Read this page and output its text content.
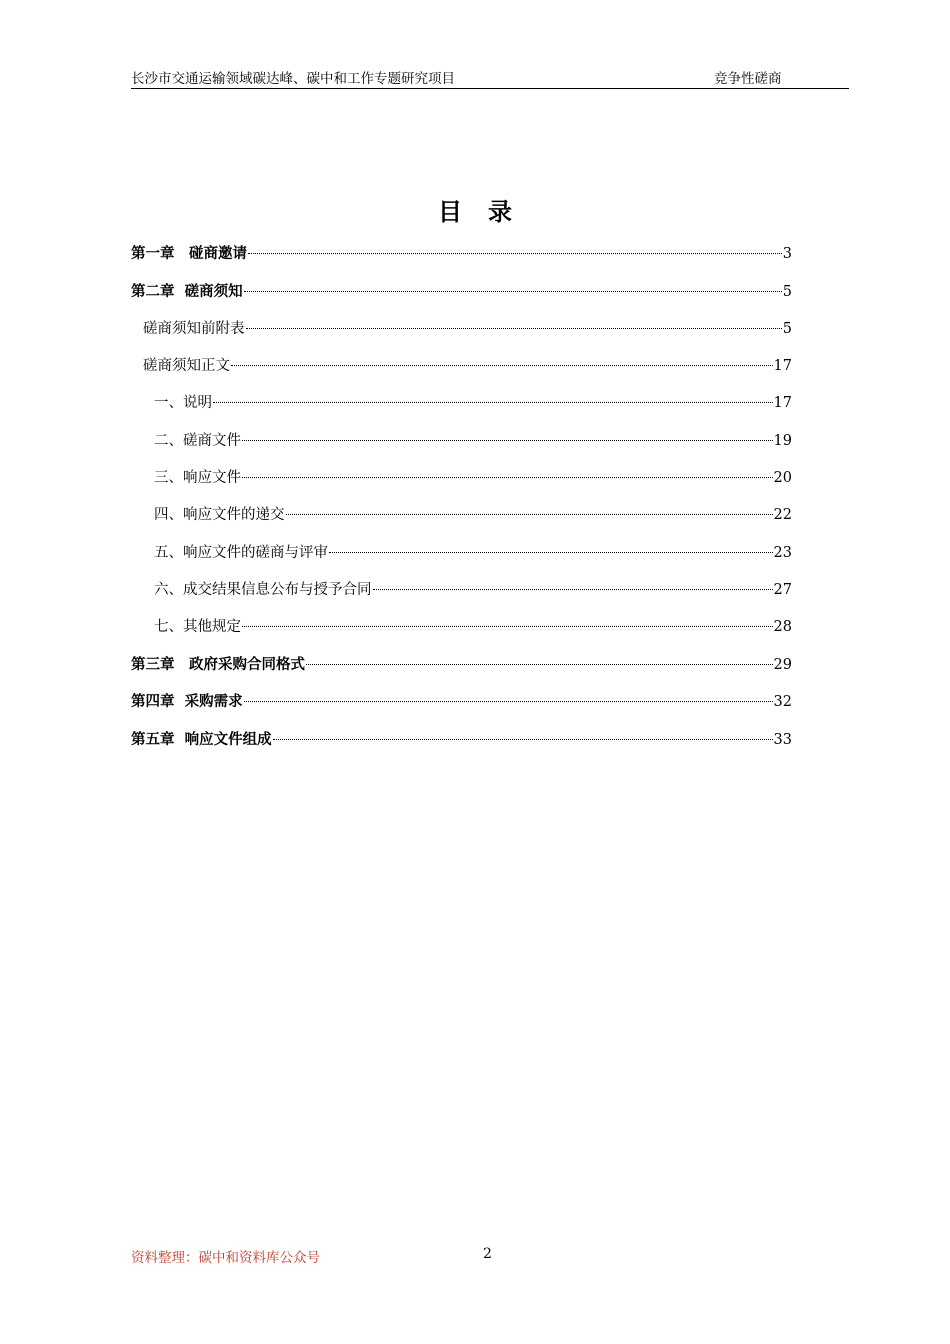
长沙市交通运输领域碳达峰、碳中和工作专题研究项目	竞争性磋商
目录
第一章　碰商邀请	3
第二章  磋商须知	5
磋商须知前附表	5
磋商须知正文	17
一、说明	17
二、磋商文件	19
三、响应文件	20
四、响应文件的递交	22
五、响应文件的磋商与评审	23
六、成交结果信息公布与授予合同	27
七、其他规定	28
第三章　政府采购合同格式	29
第四章  采购需求	32
第五章  响应文件组成	33
资料整理：碳中和资料库公众号	2
